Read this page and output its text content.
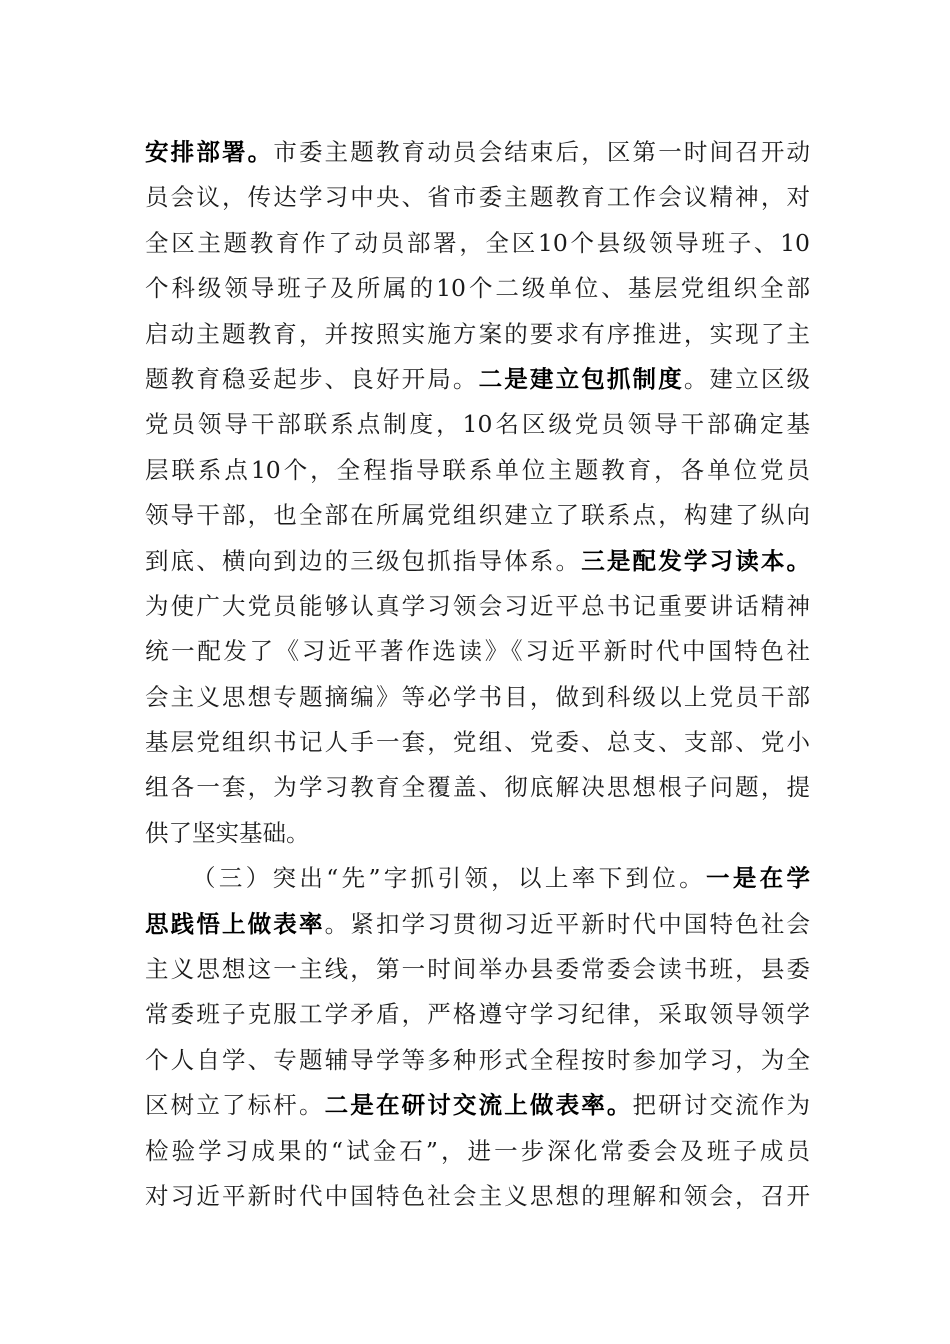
安排部署。市委主题教育动员会结束后，区第一时间召开动
员会议，传达学习中央、省市委主题教育工作会议精神，对
全区主题教育作了动员部署，全区10个县级领导班子、10
个科级领导班子及所属的10个二级单位、基层党组织全部
启动主题教育，并按照实施方案的要求有序推进，实现了主
题教育稳妥起步、良好开局。二是建立包抓制度。建立区级
党员领导干部联系点制度，10名区级党员领导干部确定基
层联系点10个，全程指导联系单位主题教育，各单位党员
领导干部，也全部在所属党组织建立了联系点，构建了纵向
到底、横向到边的三级包抓指导体系。三是配发学习读本。
为使广大党员能够认真学习领会习近平总书记重要讲话精神
统一配发了《习近平著作选读》《习近平新时代中国特色社
会主义思想专题摘编》等必学书目，做到科级以上党员干部
基层党组织书记人手一套，党组、党委、总支、支部、党小
组各一套，为学习教育全覆盖、彻底解决思想根子问题，提
供了坚实基础。
（三）突出“先”字抓引领，以上率下到位。一是在学
思践悟上做表率。紧扣学习贯彻习近平新时代中国特色社会
主义思想这一主线，第一时间举办县委常委会读书班，县委
常委班子克服工学矛盾，严格遵守学习纪律，采取领导领学
个人自学、专题辅导学等多种形式全程按时参加学习，为全
区树立了标杆。二是在研讨交流上做表率。把研讨交流作为
检验学习成果的“试金石”，进一步深化常委会及班子成员
对习近平新时代中国特色社会主义思想的理解和领会，召开
